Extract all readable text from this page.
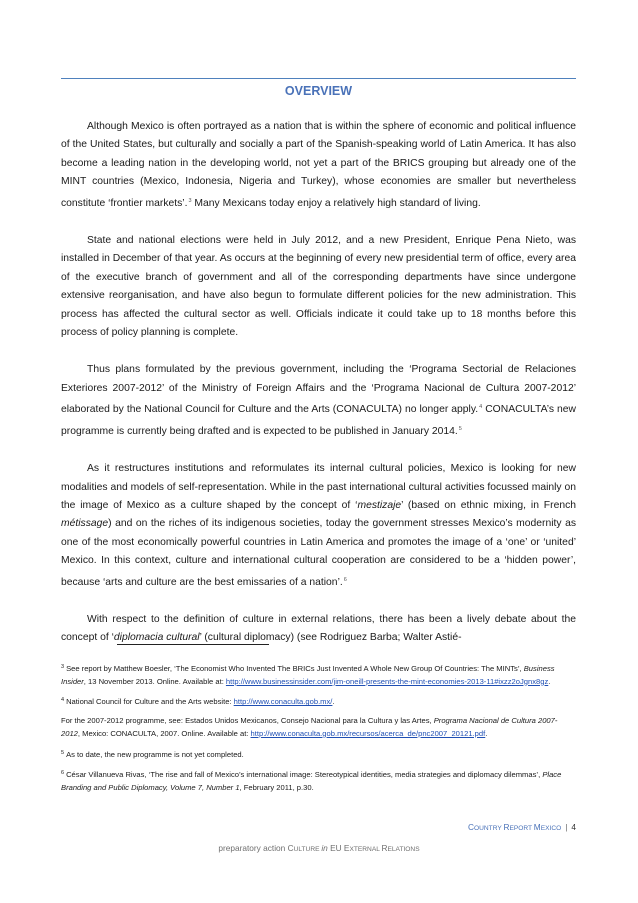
OVERVIEW

Although Mexico is often portrayed as a nation that is within the sphere of economic and political influence of the United States, but culturally and socially a part of the Spanish-speaking world of Latin America. It has also become a leading nation in the developing world, not yet a part of the BRICS grouping but already one of the MINT countries (Mexico, Indonesia, Nigeria and Turkey), whose economies are smaller but nevertheless constitute ‘frontier markets’.$^3$ Many Mexicans today enjoy a relatively high standard of living.

State and national elections were held in July 2012, and a new President, Enrique Pena Nieto, was installed in December of that year. As occurs at the beginning of every new presidential term of office, every area of the executive branch of government and all of the corresponding departments have since undergone extensive reorganisation, and have also begun to formulate different policies for the new administration. This process has affected the cultural sector as well. Officials indicate it could take up to 18 months before this process of policy planning is complete.

Thus plans formulated by the previous government, including the ‘Programa Sectorial de Relaciones Exteriores 2007-2012’ of the Ministry of Foreign Affairs and the ‘Programa Nacional de Cultura 2007-2012’ elaborated by the National Council for Culture and the Arts (CONACULTA) no longer apply.$^4$ CONACULTA’s new programme is currently being drafted and is expected to be published in January 2014.$^5$

As it restructures institutions and reformulates its internal cultural policies, Mexico is looking for new modalities and models of self-representation. While in the past international cultural activities focussed mainly on the image of Mexico as a culture shaped by the concept of ‘mestizaje’ (based on ethnic mixing, in French métissage) and on the riches of its indigenous societies, today the government stresses Mexico’s modernity as one of the most economically powerful countries in Latin America and promotes the image of a ‘one’ or ‘united’ Mexico. In this context, culture and international cultural cooperation are considered to be a ‘hidden power’, because ‘arts and culture are the best emissaries of a nation’.$^6$

With respect to the definition of culture in external relations, there has been a lively debate about the concept of ‘diplomacia cultural’ (cultural diplomacy) (see Rodriguez Barba; Walter Astié-

$^3$ See report by Matthew Boesler, ‘The Economist Who Invented The BRICs Just Invented A Whole New Group Of Countries: The MINTs’, Business Insider, 13 November 2013. Online. Available at: http://www.businessinsider.com/jim-oneill-presents-the-mint-economies-2013-11#ixzz2oJgnx8gz.
$^4$ National Council for Culture and the Arts website: http://www.conaculta.gob.mx/.
For the 2007-2012 programme, see: Estados Unidos Mexicanos, Consejo Nacional para la Cultura y las Artes, Programa Nacional de Cultura 2007-2012, Mexico: CONACULTA, 2007. Online. Available at: http://www.conaculta.gob.mx/recursos/acerca_de/pnc2007_20121.pdf.
$^5$ As to date, the new programme is not yet completed.
$^6$ César Villanueva Rivas, ‘The rise and fall of Mexico’s international image: Stereotypical identities, media strategies and diplomacy dilemmas’, Place Branding and Public Diplomacy, Volume 7, Number 1, February 2011, p.30.
COUNTRY REPORT MEXICO | 4
preparatory action CULTURE in EU EXTERNAL RELATIONS
